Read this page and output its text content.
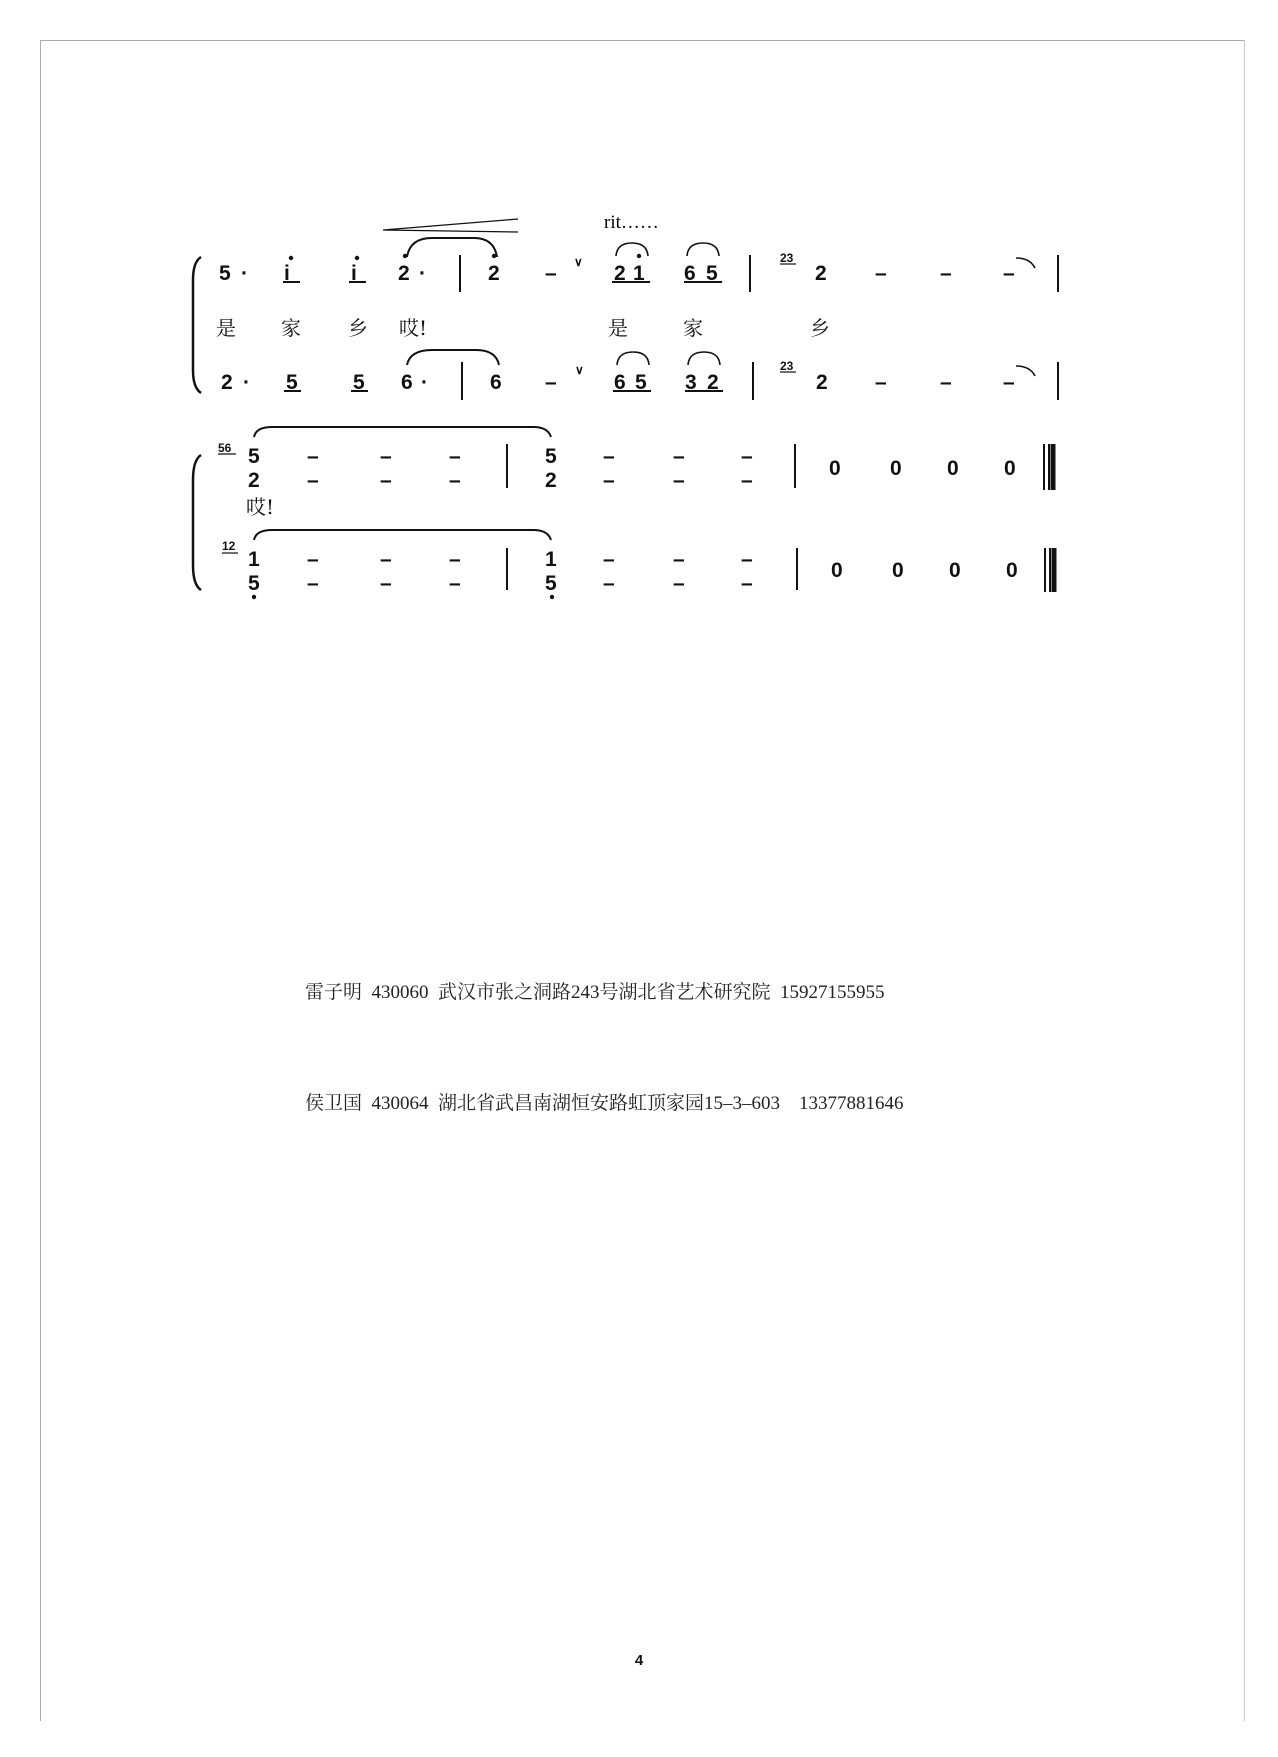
rit……
5 · i	i 2 ·	2 – ∨ 2 1 6 5	2 –	– –
23
是 家 乡 哎!	是	家	乡
2 · 5	5 6 ·	6 –
∨
6 5 3 2	2 –	– –
23
56 5 –	–	–	5 –	–	–
2 –	–	–	2 –	–	–
0 0 0 0
哎!
12
1 –	–	–	1 –	–	–
5 –	–	–	5 –	–	–
0 0 0 0

雷子明  430060  武汉市张之洞路243号湖北省艺术研究院  15927155955

侯卫国  430064  湖北省武昌南湖恒安路虹顶家园15–3–603    13377881646

4
